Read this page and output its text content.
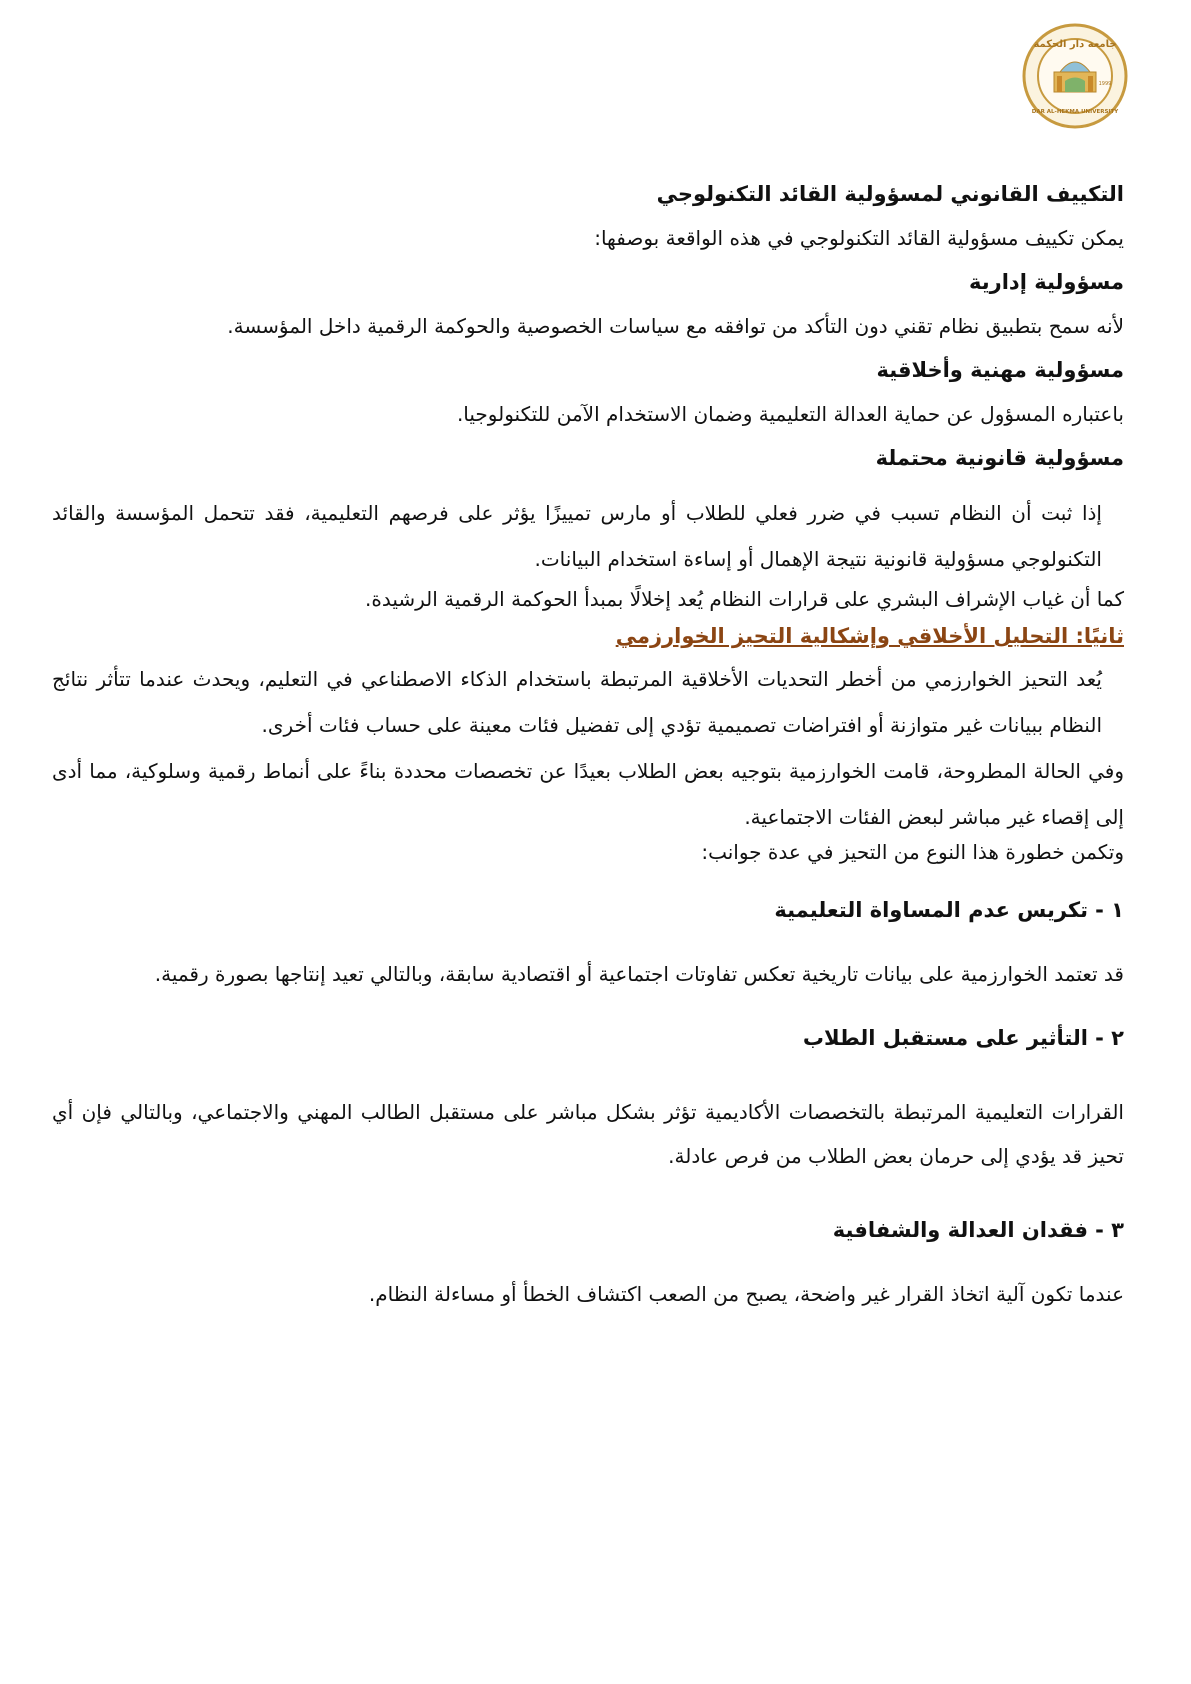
جامعة دار الحكمة
DAR AL-HEKMA UNIVERSITY
1999

التكييف القانوني لمسؤولية القائد التكنولوجي

يمكن تكييف مسؤولية القائد التكنولوجي في هذه الواقعة بوصفها:

مسؤولية إدارية

لأنه سمح بتطبيق نظام تقني دون التأكد من توافقه مع سياسات الخصوصية والحوكمة الرقمية داخل المؤسسة.

مسؤولية مهنية وأخلاقية

باعتباره المسؤول عن حماية العدالة التعليمية وضمان الاستخدام الآمن للتكنولوجيا.

مسؤولية قانونية محتملة

إذا ثبت أن النظام تسبب في ضرر فعلي للطلاب أو مارس تمييزًا يؤثر على فرصهم التعليمية، فقد تتحمل المؤسسة والقائد التكنولوجي مسؤولية قانونية نتيجة الإهمال أو إساءة استخدام البيانات.

كما أن غياب الإشراف البشري على قرارات النظام يُعد إخلالًا بمبدأ الحوكمة الرقمية الرشيدة.

ثانيًا: التحليل الأخلاقي وإشكالية التحيز الخوارزمي

يُعد التحيز الخوارزمي من أخطر التحديات الأخلاقية المرتبطة باستخدام الذكاء الاصطناعي في التعليم، ويحدث عندما تتأثر نتائج النظام ببيانات غير متوازنة أو افتراضات تصميمية تؤدي إلى تفضيل فئات معينة على حساب فئات أخرى.

وفي الحالة المطروحة، قامت الخوارزمية بتوجيه بعض الطلاب بعيدًا عن تخصصات محددة بناءً على أنماط رقمية وسلوكية، مما أدى إلى إقصاء غير مباشر لبعض الفئات الاجتماعية.

وتكمن خطورة هذا النوع من التحيز في عدة جوانب:

١ -تكريس عدم المساواة التعليمية

قد تعتمد الخوارزمية على بيانات تاريخية تعكس تفاوتات اجتماعية أو اقتصادية سابقة، وبالتالي تعيد إنتاجها بصورة رقمية.

٢ -التأثير على مستقبل الطلاب

القرارات التعليمية المرتبطة بالتخصصات الأكاديمية تؤثر بشكل مباشر على مستقبل الطالب المهني والاجتماعي، وبالتالي فإن أي تحيز قد يؤدي إلى حرمان بعض الطلاب من فرص عادلة.

٣ -فقدان العدالة والشفافية

عندما تكون آلية اتخاذ القرار غير واضحة، يصبح من الصعب اكتشاف الخطأ أو مساءلة النظام.
